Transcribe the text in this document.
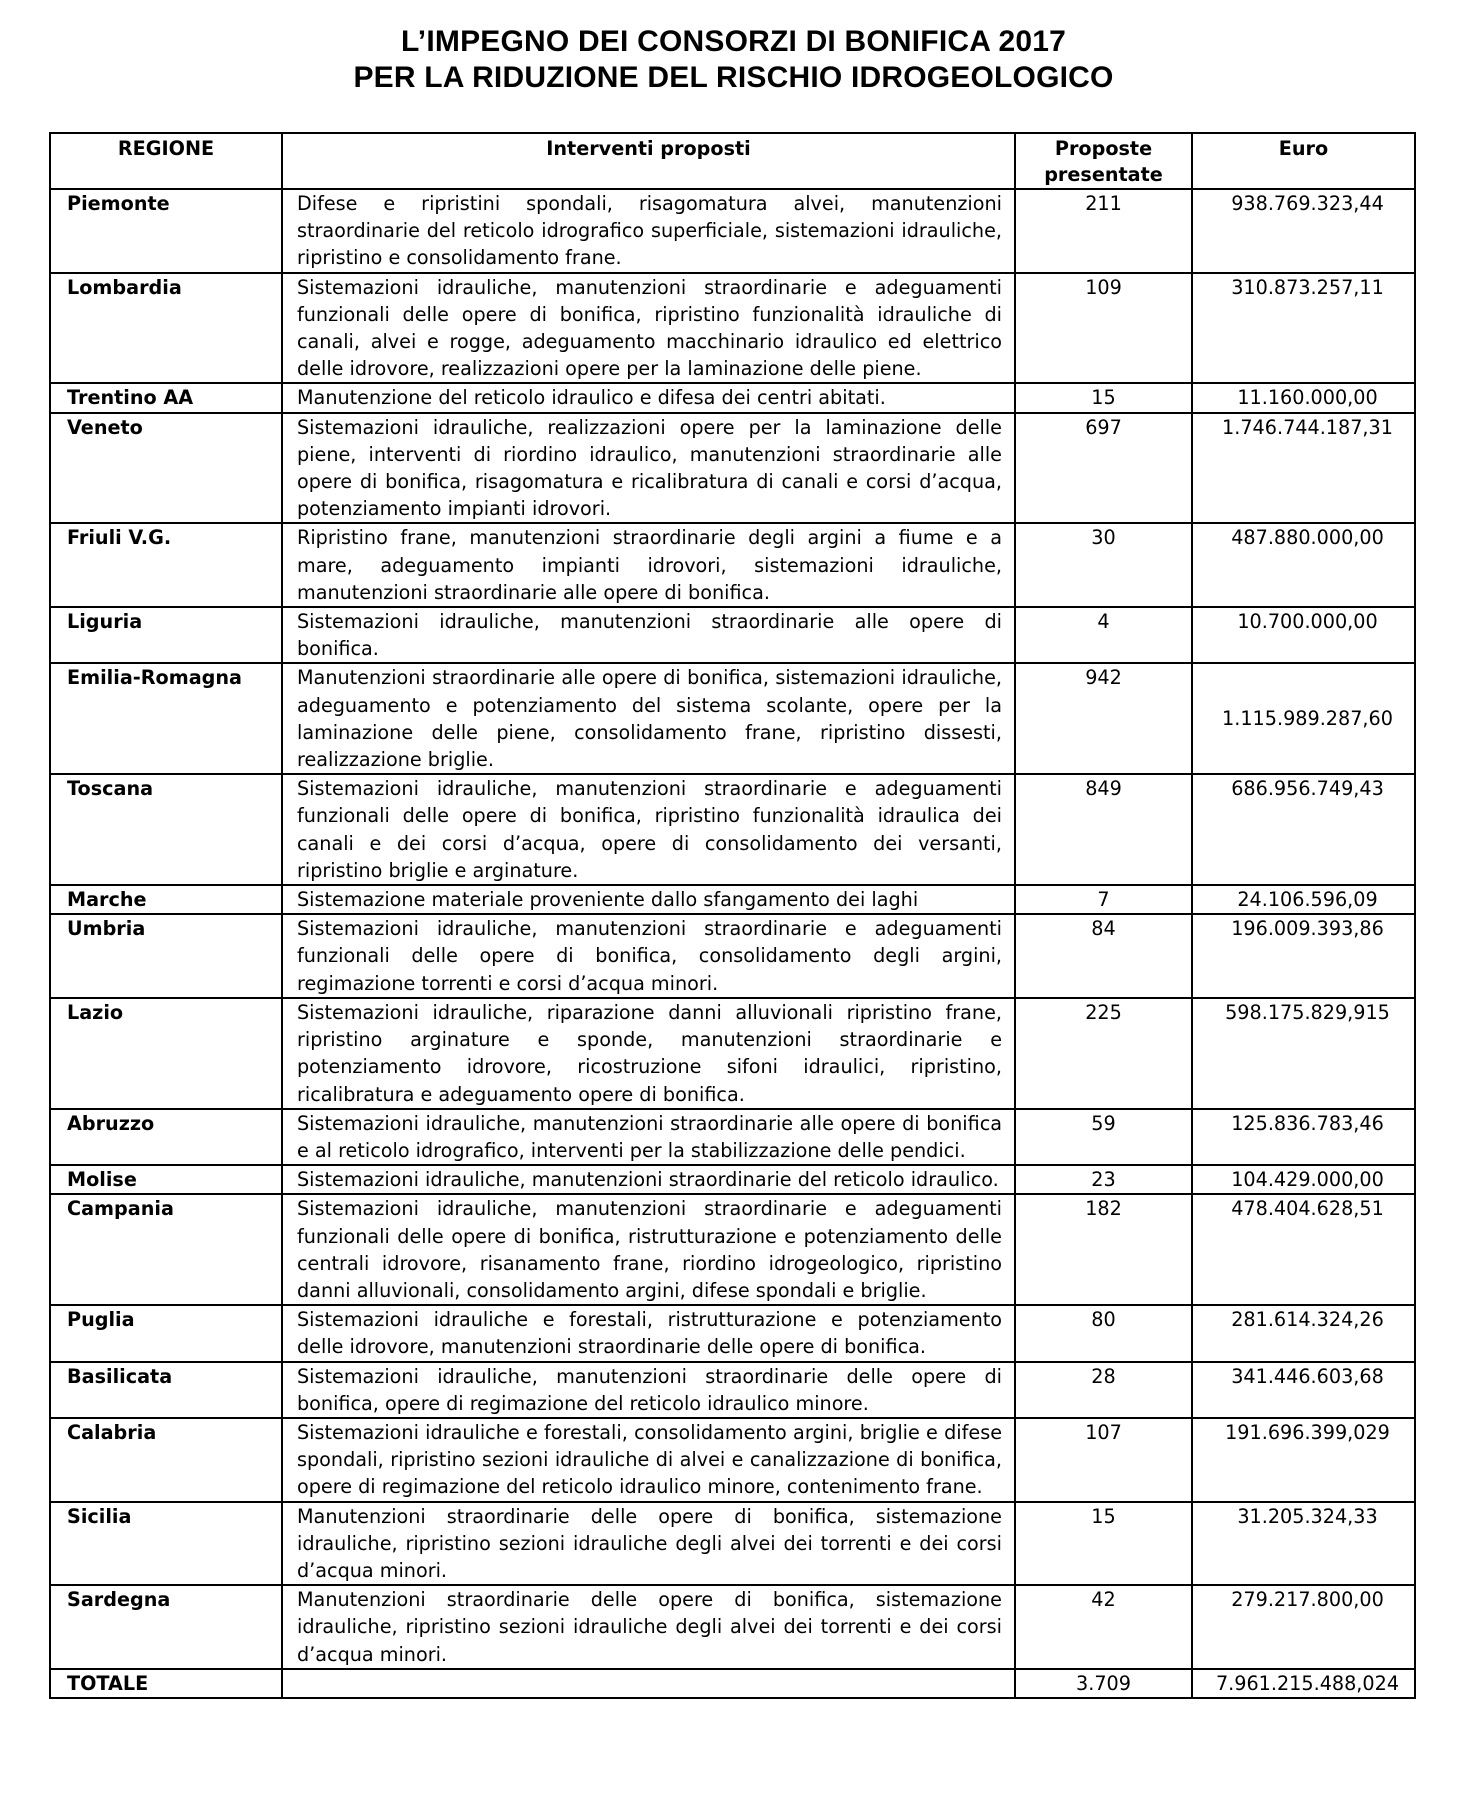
L’IMPEGNO DEI CONSORZI DI BONIFICA 2017
PER LA RIDUZIONE DEL RISCHIO IDROGEOLOGICO
REGIONE	Interventi proposti	Proposte presentate	Euro
Piemonte	Difese e ripristini spondali, risagomatura alvei, manutenzioni straordinarie del reticolo idrografico superficiale, sistemazioni idrauliche, ripristino e consolidamento frane.	211	938.769.323,44
Lombardia	Sistemazioni idrauliche, manutenzioni straordinarie e adeguamenti funzionali delle opere di bonifica, ripristino funzionalità idrauliche di canali, alvei e rogge, adeguamento macchinario idraulico ed elettrico delle idrovore, realizzazioni opere per la laminazione delle piene.	109	310.873.257,11
Trentino AA	Manutenzione del reticolo idraulico e difesa dei centri abitati.	15	11.160.000,00
Veneto	Sistemazioni idrauliche, realizzazioni opere per la laminazione delle piene, interventi di riordino idraulico, manutenzioni straordinarie alle opere di bonifica, risagomatura e ricalibratura di canali e corsi d’acqua, potenziamento impianti idrovori.	697	1.746.744.187,31
Friuli V.G.	Ripristino frane, manutenzioni straordinarie degli argini a fiume e a mare, adeguamento impianti idrovori, sistemazioni idrauliche, manutenzioni straordinarie alle opere di bonifica.	30	487.880.000,00
Liguria	Sistemazioni idrauliche, manutenzioni straordinarie alle opere di bonifica.	4	10.700.000,00
Emilia-Romagna	Manutenzioni straordinarie alle opere di bonifica, sistemazioni idrauliche, adeguamento e potenziamento del sistema scolante, opere per la laminazione delle piene, consolidamento frane, ripristino dissesti, realizzazione briglie.	942	1.115.989.287,60
Toscana	Sistemazioni idrauliche, manutenzioni straordinarie e adeguamenti funzionali delle opere di bonifica, ripristino funzionalità idraulica dei canali e dei corsi d’acqua, opere di consolidamento dei versanti, ripristino briglie e arginature.	849	686.956.749,43
Marche	Sistemazione materiale proveniente dallo sfangamento dei laghi	7	24.106.596,09
Umbria	Sistemazioni idrauliche, manutenzioni straordinarie e adeguamenti funzionali delle opere di bonifica, consolidamento degli argini, regimazione torrenti e corsi d’acqua minori.	84	196.009.393,86
Lazio	Sistemazioni idrauliche, riparazione danni alluvionali ripristino frane, ripristino arginature e sponde, manutenzioni straordinarie e potenziamento idrovore, ricostruzione sifoni idraulici, ripristino, ricalibratura e adeguamento opere di bonifica.	225	598.175.829,915
Abruzzo	Sistemazioni idrauliche, manutenzioni straordinarie alle opere di bonifica e al reticolo idrografico, interventi per la stabilizzazione delle pendici.	59	125.836.783,46
Molise	Sistemazioni idrauliche, manutenzioni straordinarie del reticolo idraulico.	23	104.429.000,00
Campania	Sistemazioni idrauliche, manutenzioni straordinarie e adeguamenti funzionali delle opere di bonifica, ristrutturazione e potenziamento delle centrali idrovore, risanamento frane, riordino idrogeologico, ripristino danni alluvionali, consolidamento argini, difese spondali e briglie.	182	478.404.628,51
Puglia	Sistemazioni idrauliche e forestali, ristrutturazione e potenziamento delle idrovore, manutenzioni straordinarie delle opere di bonifica.	80	281.614.324,26
Basilicata	Sistemazioni idrauliche, manutenzioni straordinarie delle opere di bonifica, opere di regimazione del reticolo idraulico minore.	28	341.446.603,68
Calabria	Sistemazioni idrauliche e forestali, consolidamento argini, briglie e difese spondali, ripristino sezioni idrauliche di alvei e canalizzazione di bonifica, opere di regimazione del reticolo idraulico minore, contenimento frane.	107	191.696.399,029
Sicilia	Manutenzioni straordinarie delle opere di bonifica, sistemazione idrauliche, ripristino sezioni idrauliche degli alvei dei torrenti e dei corsi d’acqua minori.	15	31.205.324,33
Sardegna	Manutenzioni straordinarie delle opere di bonifica, sistemazione idrauliche, ripristino sezioni idrauliche degli alvei dei torrenti e dei corsi d’acqua minori.	42	279.217.800,00
TOTALE		3.709	7.961.215.488,024
